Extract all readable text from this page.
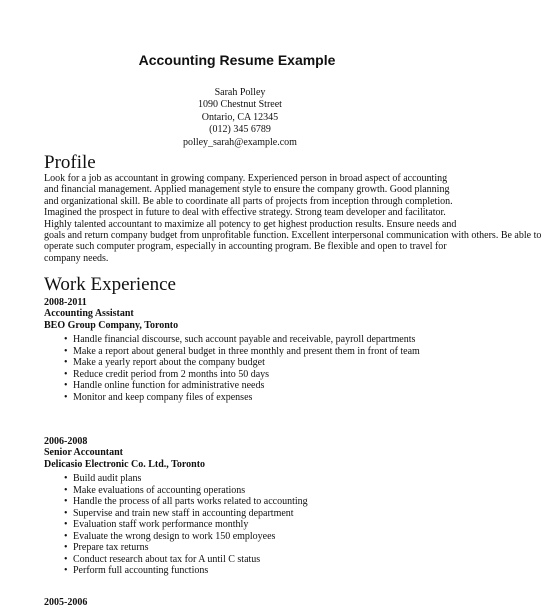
Accounting Resume Example
Sarah Polley
1090 Chestnut Street
Ontario, CA 12345
(012) 345 6789
polley_sarah@example.com
Profile
Look for a job as accountant in growing company. Experienced person in broad aspect of accounting
and financial management. Applied management style to ensure the company growth. Good planning
and organizational skill. Be able to coordinate all parts of projects from inception through completion.
Imagined the prospect in future to deal with effective strategy. Strong team developer and facilitator.
Highly talented accountant to maximize all potency to get highest production results. Ensure needs and
goals and return company budget from unprofitable function. Excellent interpersonal communication with others. Be able to
operate such computer program, especially in accounting program. Be flexible and open to travel for
company needs.
Work Experience
2008-2011
Accounting Assistant
BEO Group Company, Toronto
• Handle financial discourse, such account payable and receivable, payroll departments
• Make a report about general budget in three monthly and present them in front of team
• Make a yearly report about the company budget
• Reduce credit period from 2 months into 50 days
• Handle online function for administrative needs
• Monitor and keep company files of expenses
2006-2008
Senior Accountant
Delicasio Electronic Co. Ltd., Toronto
• Build audit plans
• Make evaluations of accounting operations
• Handle the process of all parts works related to accounting
• Supervise and train new staff in accounting department
• Evaluation staff work performance monthly
• Evaluate the wrong design to work 150 employees
• Prepare tax returns
• Conduct research about tax for A until C status
• Perform full accounting functions
2005-2006
